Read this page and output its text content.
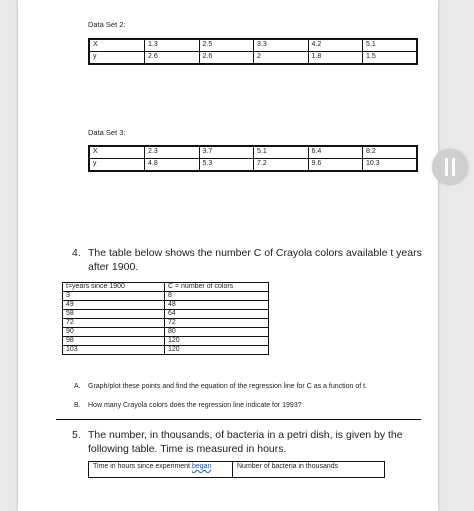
Data Set 2:
X	1.3	2.5	3.3	4.2	5.1
y	2.6	2.6	2	1.8	1.5
Data Set 3:
X	2.3	3.7	5.1	6.4	8.2
y	4.8	5.3	7.2	9.6	10.3
4. The table below shows the number C of Crayola colors available t years
after 1900.
t=years since 1900	C = number of colors
3	8
49	48
58	64
72	72
90	80
98	120
103	120
A. Graph/plot these points and find the equation of the regression line for C as a function of t.
B. How many Crayola colors does the regression line indicate for 1993?
5. The number, in thousands, of bacteria in a petri dish, is given by the
following table. Time is measured in hours.
Time in hours since experiment began	Number of bacteria in thousands
